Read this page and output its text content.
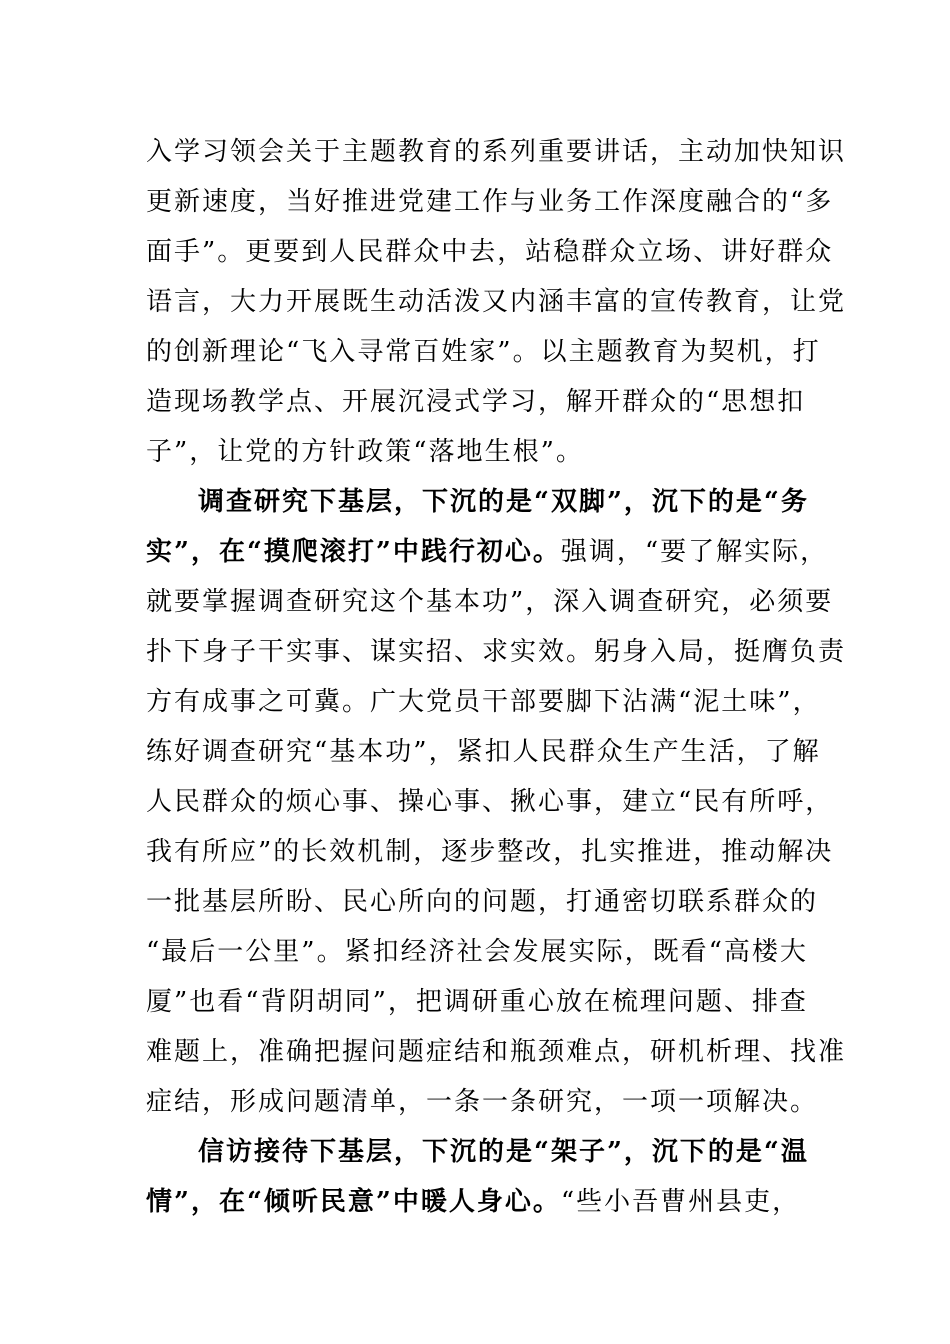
入学习领会关于主题教育的系列重要讲话，主动加快知识
更新速度，当好推进党建工作与业务工作深度融合的“多
面手”。更要到人民群众中去，站稳群众立场、讲好群众
语言，大力开展既生动活泼又内涵丰富的宣传教育，让党
的创新理论“飞入寻常百姓家”。以主题教育为契机，打
造现场教学点、开展沉浸式学习，解开群众的“思想扣
子”，让党的方针政策“落地生根”。
调查研究下基层，下沉的是“双脚”，沉下的是“务
实”，在“摸爬滚打”中践行初心。强调，“要了解实际，
就要掌握调查研究这个基本功”，深入调查研究，必须要
扑下身子干实事、谋实招、求实效。躬身入局，挺膺负责
方有成事之可冀。广大党员干部要脚下沾满“泥土味”，
练好调查研究“基本功”，紧扣人民群众生产生活，了解
人民群众的烦心事、操心事、揪心事，建立“民有所呼，
我有所应”的长效机制，逐步整改，扎实推进，推动解决
一批基层所盼、民心所向的问题，打通密切联系群众的
“最后一公里”。紧扣经济社会发展实际，既看“高楼大
厦”也看“背阴胡同”，把调研重心放在梳理问题、排查
难题上，准确把握问题症结和瓶颈难点，研机析理、找准
症结，形成问题清单，一条一条研究，一项一项解决。
信访接待下基层，下沉的是“架子”，沉下的是“温
情”，在“倾听民意”中暖人身心。“些小吾曹州县吏，
